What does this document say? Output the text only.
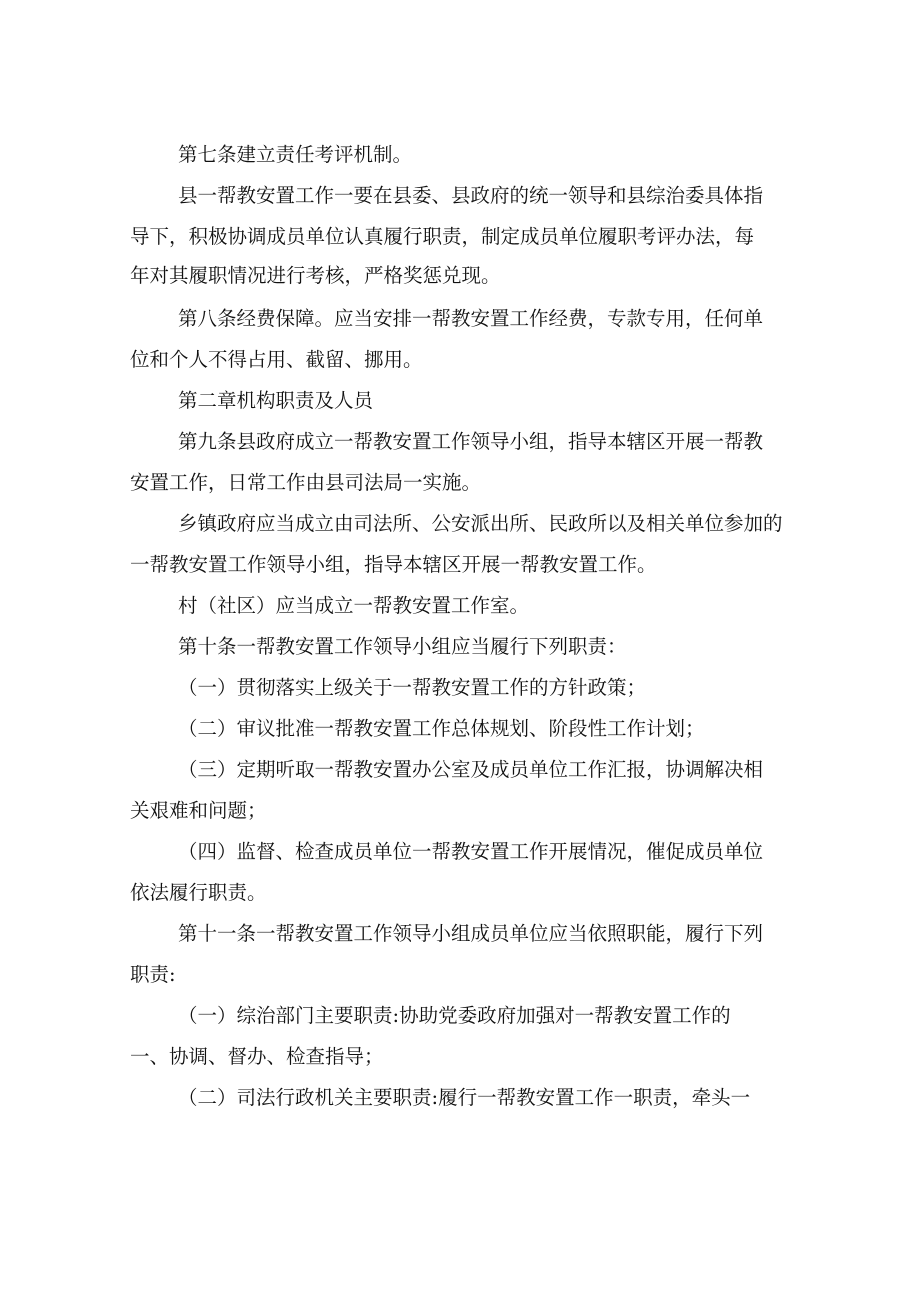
第七条建立责任考评机制。
县一帮教安置工作一要在县委、县政府的统一领导和县综治委具体指
导下，积极协调成员单位认真履行职责，制定成员单位履职考评办法，每
年对其履职情况进行考核，严格奖惩兑现。
第八条经费保障。应当安排一帮教安置工作经费，专款专用，任何单
位和个人不得占用、截留、挪用。
第二章机构职责及人员
第九条县政府成立一帮教安置工作领导小组，指导本辖区开展一帮教
安置工作，日常工作由县司法局一实施。
乡镇政府应当成立由司法所、公安派出所、民政所以及相关单位参加的
一帮教安置工作领导小组，指导本辖区开展一帮教安置工作。
村（社区）应当成立一帮教安置工作室。
第十条一帮教安置工作领导小组应当履行下列职责：
（一）贯彻落实上级关于一帮教安置工作的方针政策；
（二）审议批准一帮教安置工作总体规划、阶段性工作计划；
（三）定期听取一帮教安置办公室及成员单位工作汇报，协调解决相
关艰难和问题；
（四）监督、检查成员单位一帮教安置工作开展情况，催促成员单位
依法履行职责。
第十一条一帮教安置工作领导小组成员单位应当依照职能，履行下列
职责:
（一）综治部门主要职责:协助党委政府加强对一帮教安置工作的
一、协调、督办、检查指导；
（二）司法行政机关主要职责:履行一帮教安置工作一职责，牵头一
